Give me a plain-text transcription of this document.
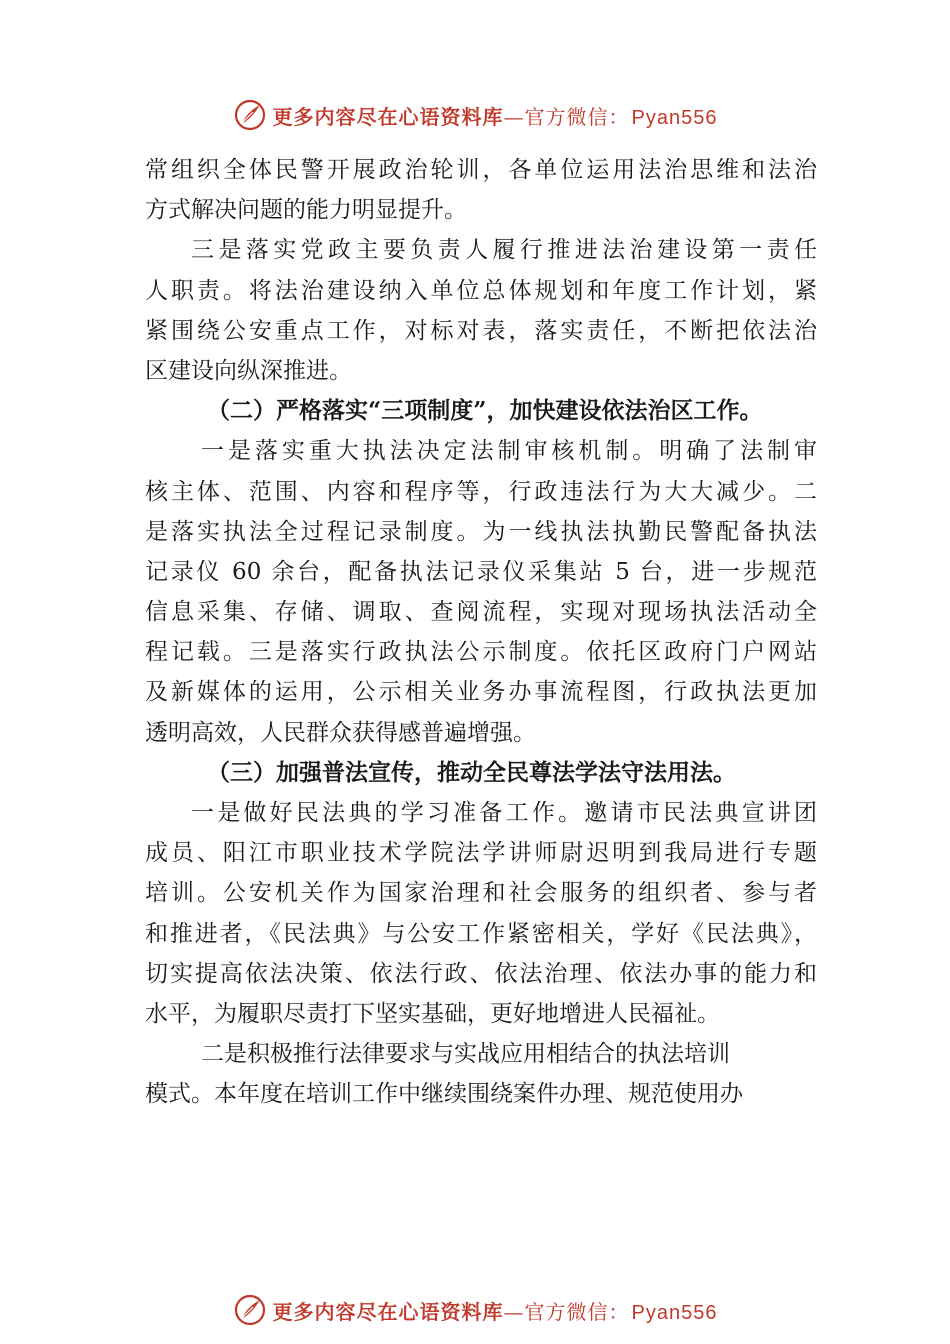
更多内容尽在心语资料库—官方微信： Pyan556
常组织全体民警开展政治轮训，各单位运用法治思维和法治
方式解决问题的能力明显提升。
三是落实党政主要负责人履行推进法治建设第一责任
人职责。将法治建设纳入单位总体规划和年度工作计划，紧
紧围绕公安重点工作，对标对表，落实责任，不断把依法治
区建设向纵深推进。
（二）严格落实“三项制度”，加快建设依法治区工作。
一是落实重大执法决定法制审核机制。明确了法制审
核主体、范围、内容和程序等，行政违法行为大大减少。二
是落实执法全过程记录制度。为一线执法执勤民警配备执法
记录仪 60 余台，配备执法记录仪采集站 5 台，进一步规范
信息采集、存储、调取、查阅流程，实现对现场执法活动全
程记载。三是落实行政执法公示制度。依托区政府门户网站
及新媒体的运用，公示相关业务办事流程图，行政执法更加
透明高效，人民群众获得感普遍增强。
（三）加强普法宣传，推动全民尊法学法守法用法。
一是做好民法典的学习准备工作。邀请市民法典宣讲团
成员、阳江市职业技术学院法学讲师尉迟明到我局进行专题
培训。公安机关作为国家治理和社会服务的组织者、参与者
和推进者，《民法典》与公安工作紧密相关，学好《民法典》，
切实提高依法决策、依法行政、依法治理、依法办事的能力和
水平，为履职尽责打下坚实基础，更好地增进人民福祉。
二是积极推行法律要求与实战应用相结合的执法培训
模式。本年度在培训工作中继续围绕案件办理、规范使用办
更多内容尽在心语资料库—官方微信： Pyan556
